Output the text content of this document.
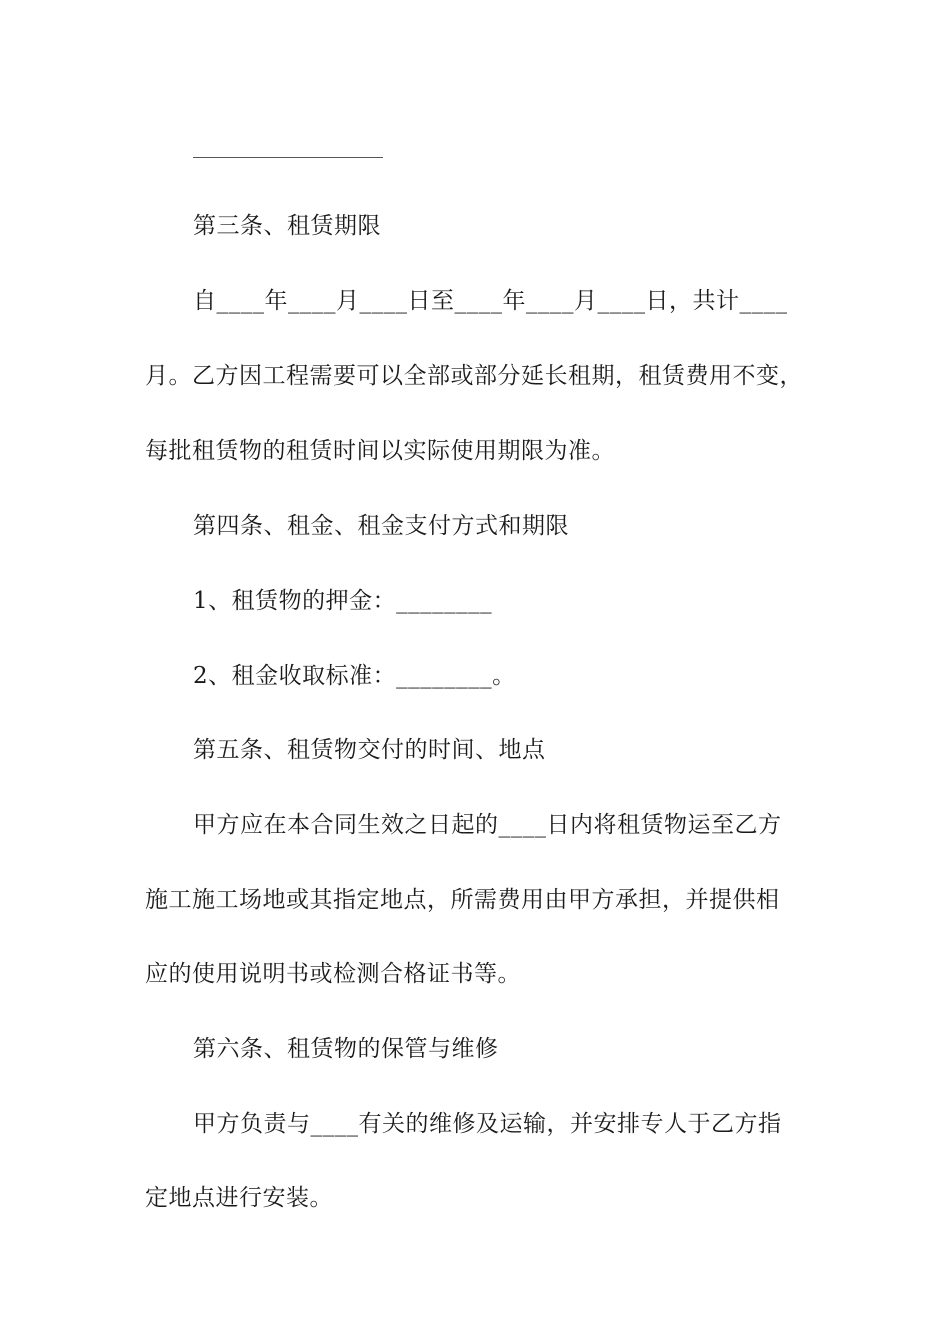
第三条、租赁期限
自____年____月____日至____年____月____日，共计____
月。乙方因工程需要可以全部或部分延长租期，租赁费用不变，
每批租赁物的租赁时间以实际使用期限为准。
第四条、租金、租金支付方式和期限
1、租赁物的押金：________
2、租金收取标准：________。
第五条、租赁物交付的时间、地点
甲方应在本合同生效之日起的____日内将租赁物运至乙方
施工施工场地或其指定地点，所需费用由甲方承担，并提供相
应的使用说明书或检测合格证书等。
第六条、租赁物的保管与维修
甲方负责与____有关的维修及运输，并安排专人于乙方指
定地点进行安装。
